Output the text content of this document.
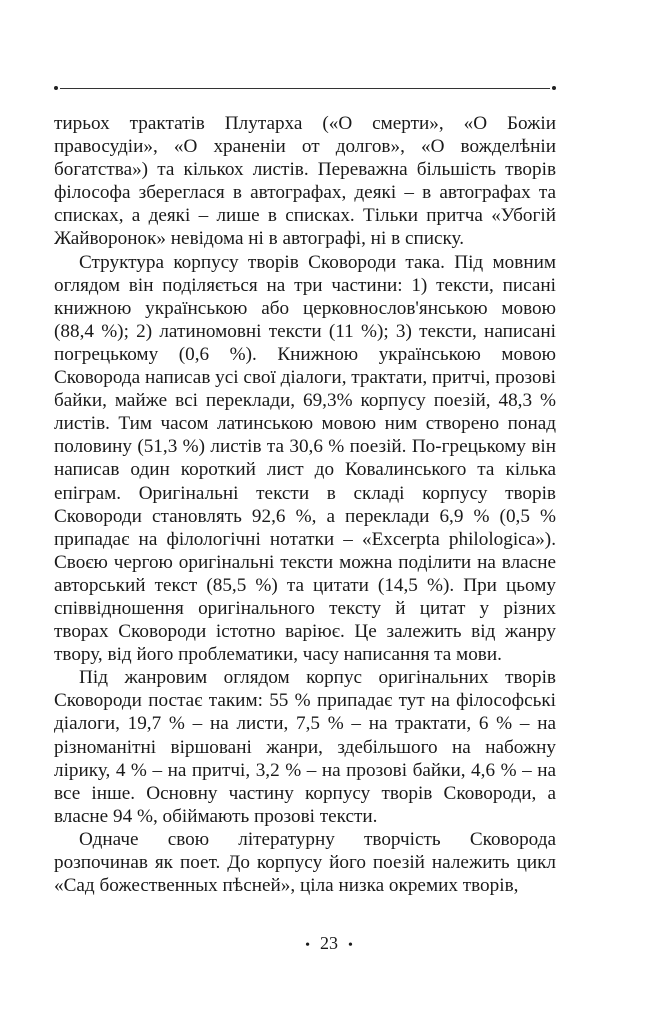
тирьох трактатів Плутарха («О смерти», «О Божіи правосудіи», «О храненіи от долгов», «О вожделѣніи богатства») та кількох листів. Переважна більшість творів філософа збереглася в автографах, деякі – в автографах та списках, а деякі – лише в списках. Тільки притча «Убогій Жайворонок» невідома ні в автографі, ні в списку.

Структура корпусу творів Сковороди така. Під мовним оглядом він поділяється на три частини: 1) тексти, писані книжною українською або церковнослов'янською мовою (88,4 %); 2) латиномовні тексти (11 %); 3) тексти, написані погрецькому (0,6 %). Книжною українською мовою Сковорода написав усі свої діалоги, трактати, притчі, прозові байки, майже всі переклади, 69,3% корпусу поезій, 48,3 % листів. Тим часом латинською мовою ним створено понад половину (51,3 %) листів та 30,6 % поезій. По-грецькому він написав один короткий лист до Ковалинського та кілька епіграм. Оригінальні тексти в складі корпусу творів Сковороди становлять 92,6 %, а переклади 6,9 % (0,5 % припадає на філологічні нотатки – «Excerpta philologica»). Своєю чергою оригінальні тексти можна поділити на власне авторський текст (85,5 %) та цитати (14,5 %). При цьому співвідношення оригінального тексту й цитат у різних творах Сковороди істотно варіює. Це залежить від жанру твору, від його проблематики, часу написання та мови.

Під жанровим оглядом корпус оригінальних творів Сковороди постає таким: 55 % припадає тут на філософські діалоги, 19,7 % – на листи, 7,5 % – на трактати, 6 % – на різноманітні віршовані жанри, здебільшого на набожну лірику, 4 % – на притчі, 3,2 % – на прозові байки, 4,6 % – на все інше. Основну частину корпусу творів Сковороди, а власне 94 %, обіймають прозові тексти.

Одначе свою літературну творчість Сковорода розпочинав як поет. До корпусу його поезій належить цикл «Сад божественных пѣсней», ціла низка окремих творів,

• 23 •
